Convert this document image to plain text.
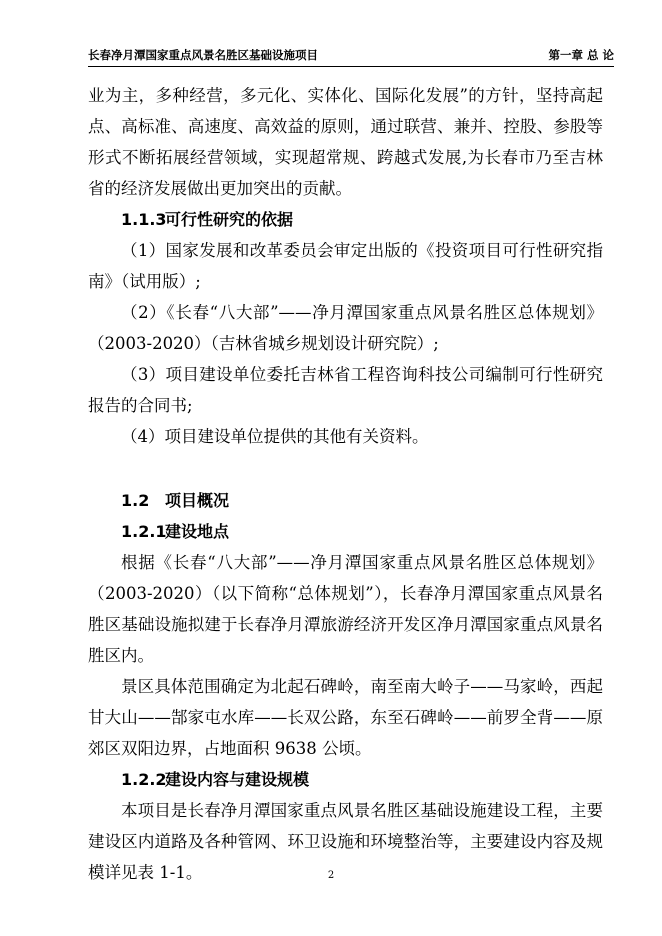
长春净月潭国家重点风景名胜区基础设施项目	第一章 总 论

业为主，多种经营，多元化、实体化、国际化发展”的方针，坚持高起点、高标准、高速度、高效益的原则，通过联营、兼并、控股、参股等形式不断拓展经营领域，实现超常规、跨越式发展,为长春市乃至吉林省的经济发展做出更加突出的贡献。

1.1.3可行性研究的依据

（1）国家发展和改革委员会审定出版的《投资项目可行性研究指南》（试用版）;

（2）《长春“八大部”——净月潭国家重点风景名胜区总体规划》（2003-2020）（吉林省城乡规划设计研究院）;

（3）项目建设单位委托吉林省工程咨询科技公司编制可行性研究报告的合同书;

（4）项目建设单位提供的其他有关资料。

1.2 项目概况
1.2.1建设地点

根据《长春“八大部”——净月潭国家重点风景名胜区总体规划》（2003-2020）（以下简称“总体规划”），长春净月潭国家重点风景名胜区基础设施拟建于长春净月潭旅游经济开发区净月潭国家重点风景名胜区内。

景区具体范围确定为北起石碑岭，南至南大岭子——马家岭，西起甘大山——郜家屯水库——长双公路，东至石碑岭——前罗全背——原郊区双阳边界，占地面积 9638 公顷。

1.2.2建设内容与建设规模

本项目是长春净月潭国家重点风景名胜区基础设施建设工程，主要建设区内道路及各种管网、环卫设施和环境整治等，主要建设内容及规模详见表 1-1。	2
